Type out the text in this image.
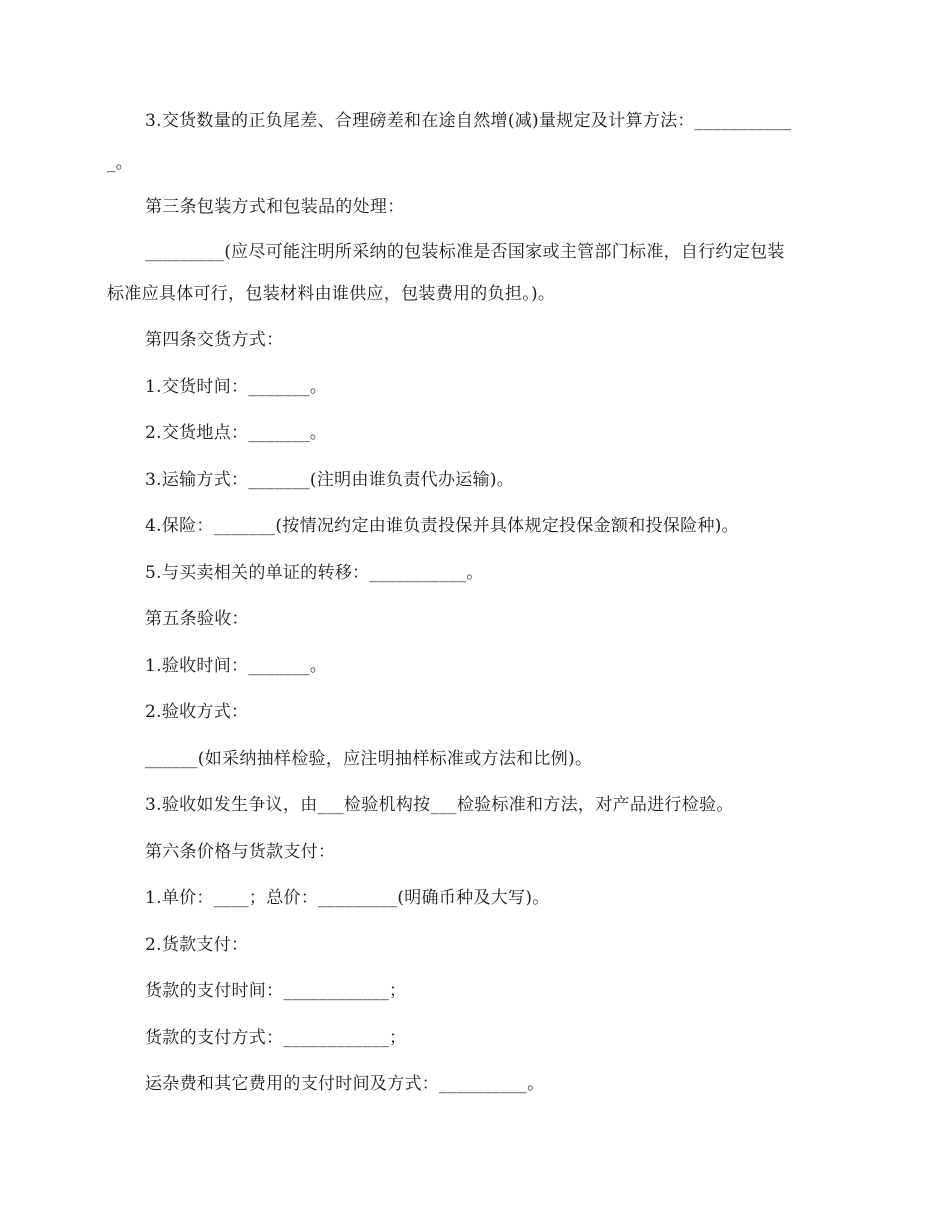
3.交货数量的正负尾差、合理磅差和在途自然增(减)量规定及计算方法：___________
_。
第三条包装方式和包装品的处理：
_________(应尽可能注明所采纳的包装标准是否国家或主管部门标准，自行约定包装
标准应具体可行，包装材料由谁供应，包装费用的负担。)。
第四条交货方式：
1.交货时间：_______。
2.交货地点：_______。
3.运输方式：_______(注明由谁负责代办运输)。
4.保险：_______(按情况约定由谁负责投保并具体规定投保金额和投保险种)。
5.与买卖相关的单证的转移：___________。
第五条验收：
1.验收时间：_______。
2.验收方式：
______(如采纳抽样检验，应注明抽样标准或方法和比例)。
3.验收如发生争议，由___检验机构按___检验标准和方法，对产品进行检验。
第六条价格与货款支付：
1.单价：____；总价：_________(明确币种及大写)。
2.货款支付：
货款的支付时间：____________；
货款的支付方式：____________；
运杂费和其它费用的支付时间及方式：__________。
